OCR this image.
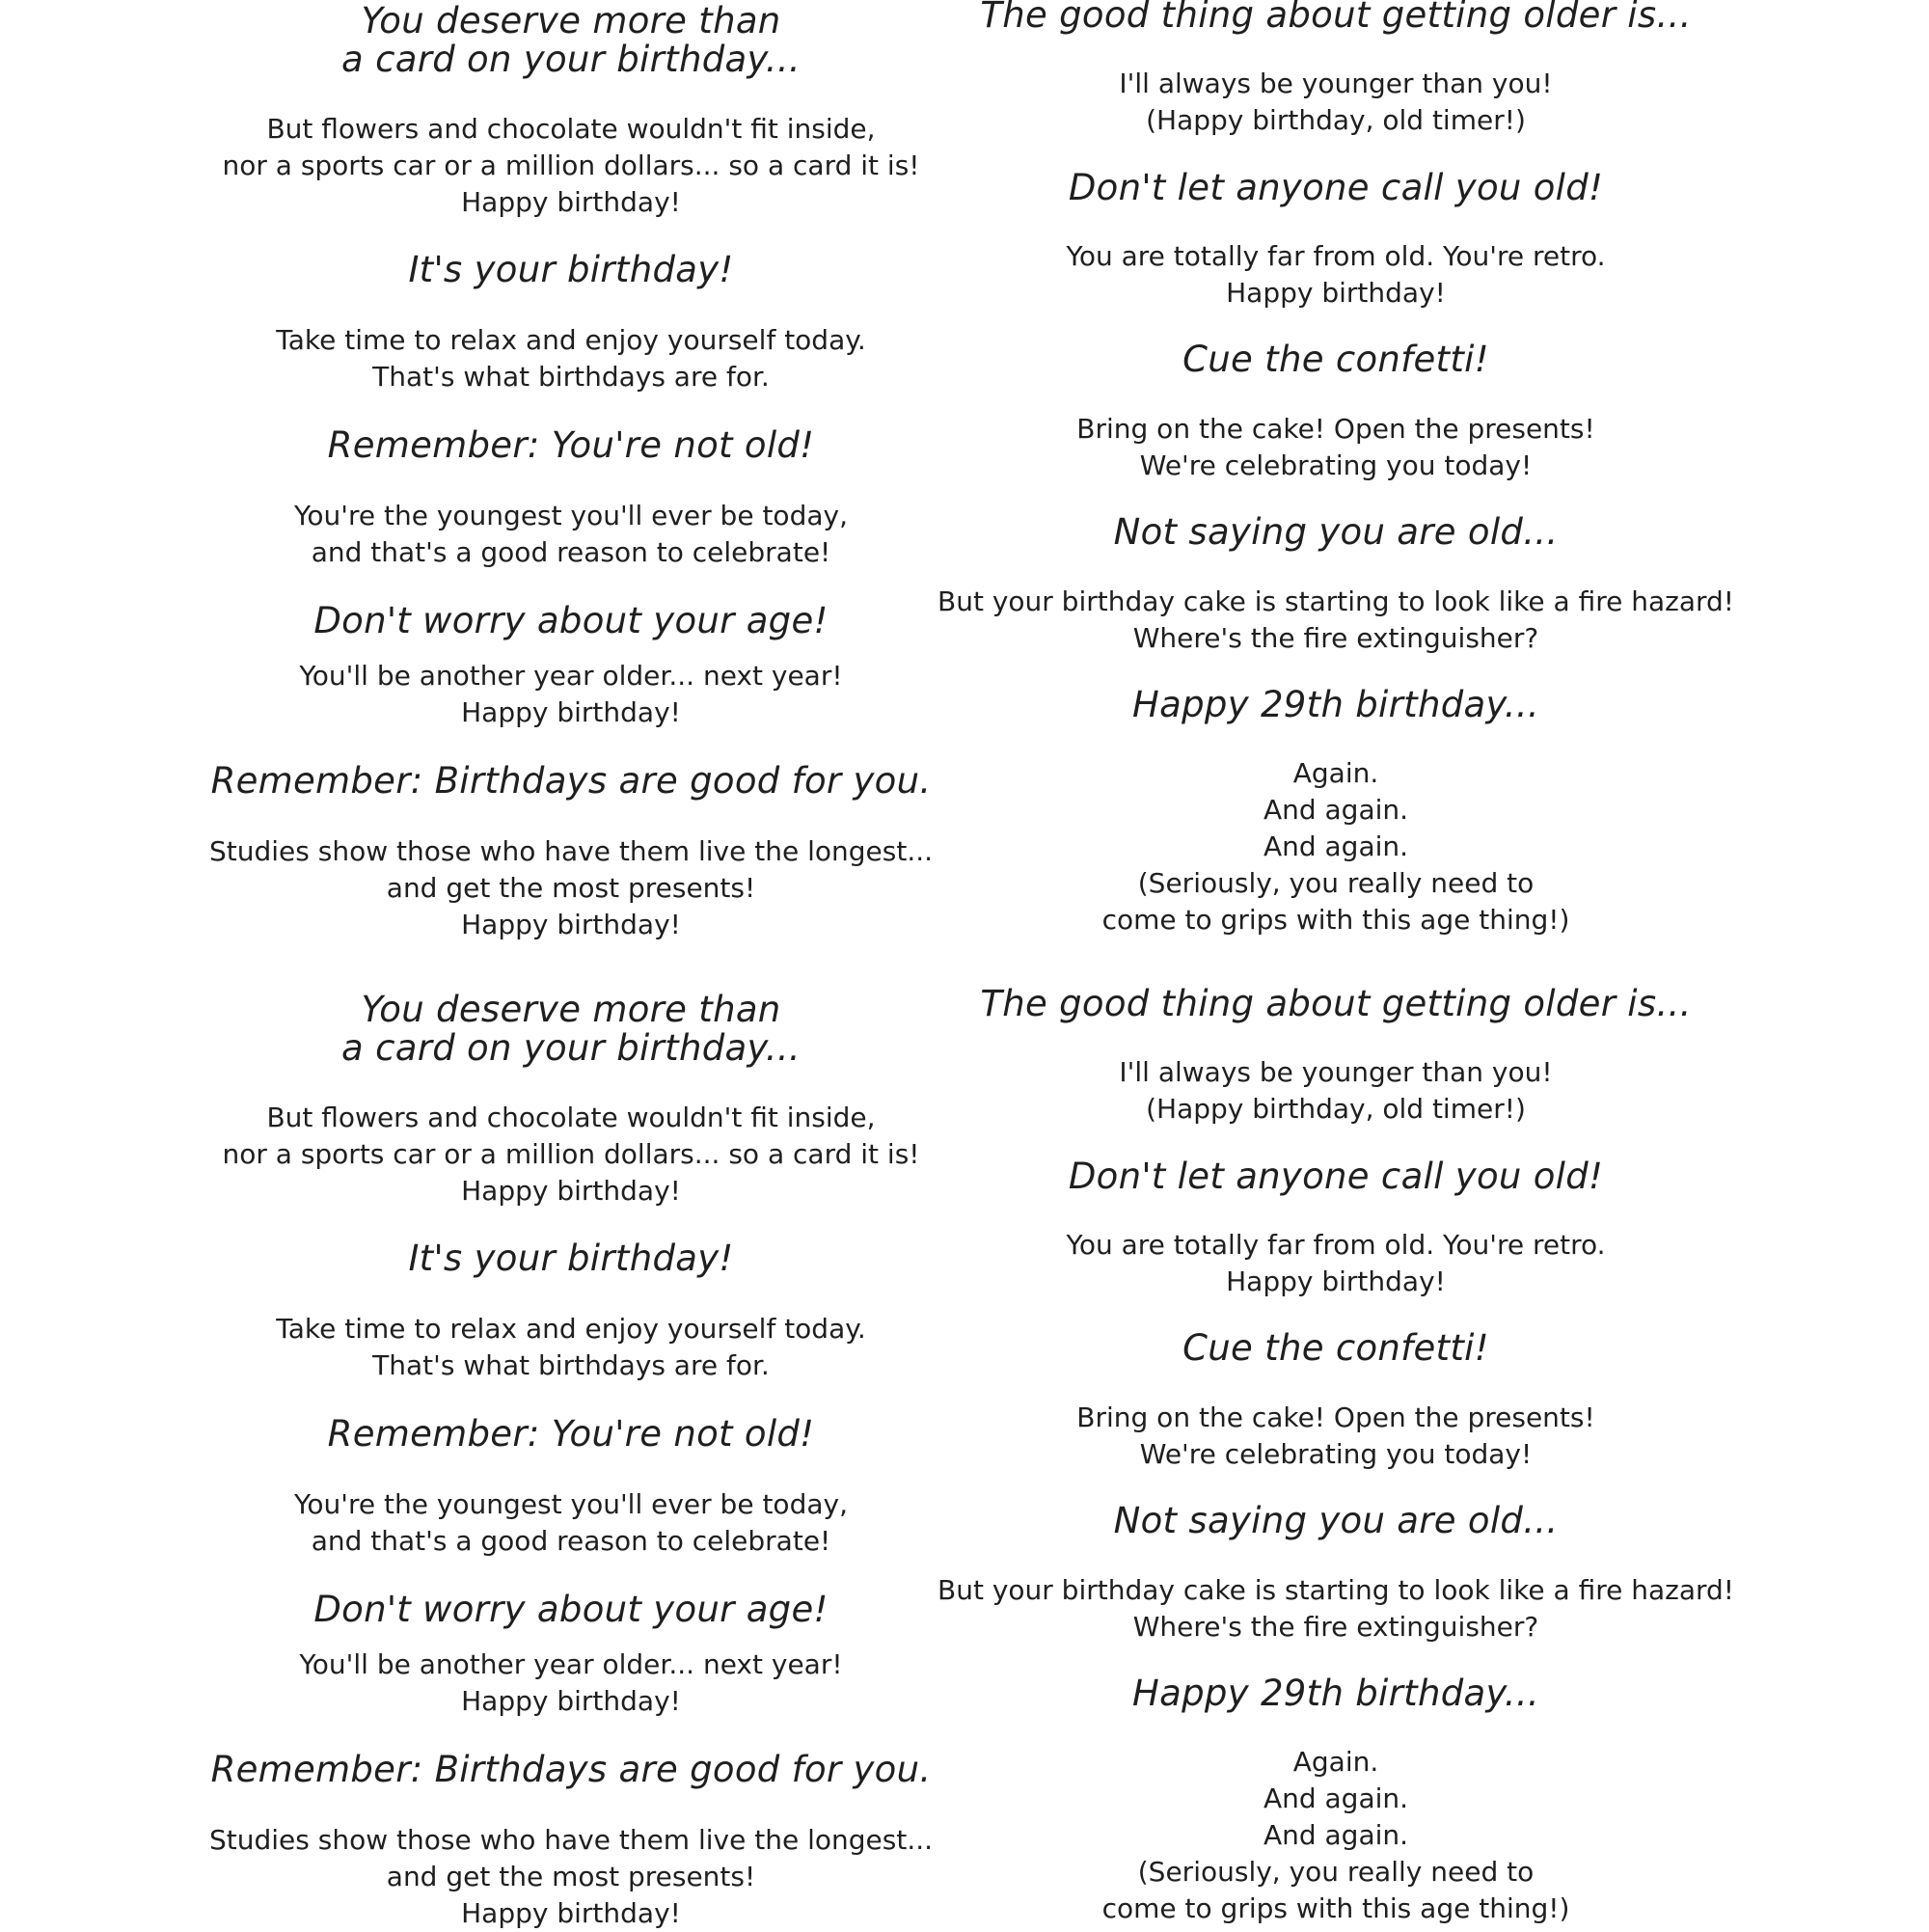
You deserve more than

a card on your birthday...

But flowers and chocolate wouldn't fit inside,

nor a sports car or a million dollars... so a card it is!

Happy birthday!

It's your birthday!

Take time to relax and enjoy yourself today.

That's what birthdays are for.

Remember: You're not old!

You're the youngest you'll ever be today,

and that's a good reason to celebrate!

Don't worry about your age!

You'll be another year older... next year!

Happy birthday!

Remember: Birthdays are good for you.

Studies show those who have them live the longest...

and get the most presents!

Happy birthday!

The good thing about getting older is...

I'll always be younger than you!

(Happy birthday, old timer!)

Don't let anyone call you old!

You are totally far from old. You're retro.

Happy birthday!

Cue the confetti!

Bring on the cake! Open the presents!

We're celebrating you today!

Not saying you are old...

But your birthday cake is starting to look like a fire hazard!

Where's the fire extinguisher?

Happy 29th birthday...

Again.

And again.

And again.

(Seriously, you really need to

come to grips with this age thing!)

You deserve more than

a card on your birthday...

But flowers and chocolate wouldn't fit inside,

nor a sports car or a million dollars... so a card it is!

Happy birthday!

It's your birthday!

Take time to relax and enjoy yourself today.

That's what birthdays are for.

Remember: You're not old!

You're the youngest you'll ever be today,

and that's a good reason to celebrate!

Don't worry about your age!

You'll be another year older... next year!

Happy birthday!

Remember: Birthdays are good for you.

Studies show those who have them live the longest...

and get the most presents!

Happy birthday!

The good thing about getting older is...

I'll always be younger than you!

(Happy birthday, old timer!)

Don't let anyone call you old!

You are totally far from old. You're retro.

Happy birthday!

Cue the confetti!

Bring on the cake! Open the presents!

We're celebrating you today!

Not saying you are old...

But your birthday cake is starting to look like a fire hazard!

Where's the fire extinguisher?

Happy 29th birthday...

Again.

And again.

And again.

(Seriously, you really need to

come to grips with this age thing!)
